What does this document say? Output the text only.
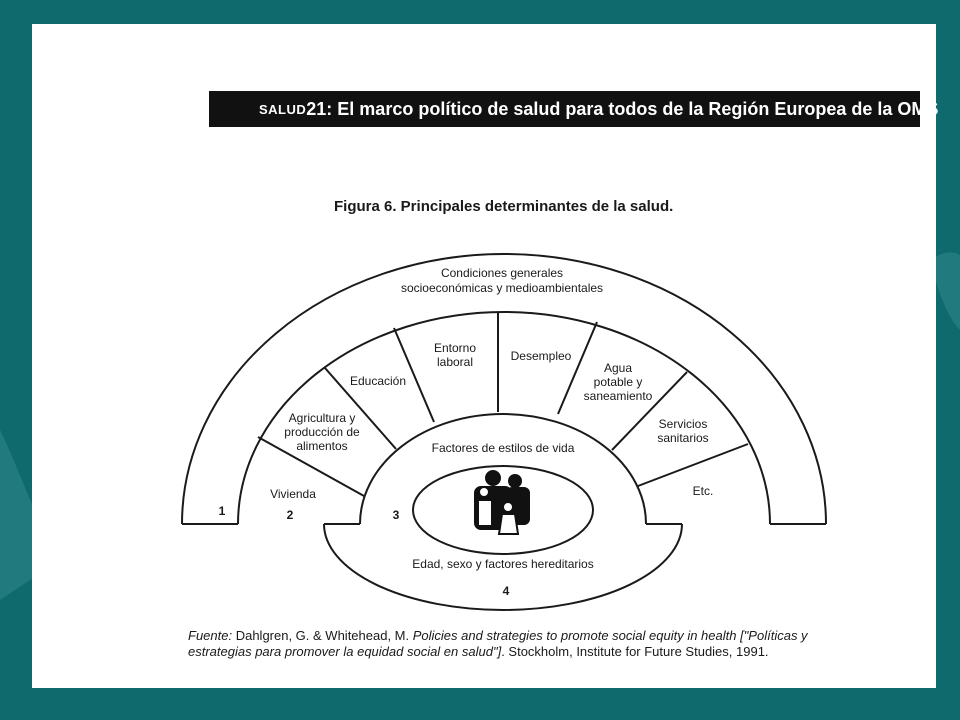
SALUD 21: El marco político de salud para todos de la Región Europea de la OMS
Figura 6. Principales determinantes de la salud.
Condiciones generales
socioeconómicas y medioambientales
Vivienda
Agricultura y
producción de
alimentos
Educación
Entorno
laboral	Desempleo
Agua
potable y
saneamiento
Servicios
sanitarios
Etc.
Factores de estilos de vida
Edad, sexo y factores hereditarios
1	2	3
4
Fuente: Dahlgren, G. & Whitehead, M. Policies and strategies to promote social equity in health ["Políticas y estrategias para promover la equidad social en salud"]. Stockholm, Institute for Future Studies, 1991.
